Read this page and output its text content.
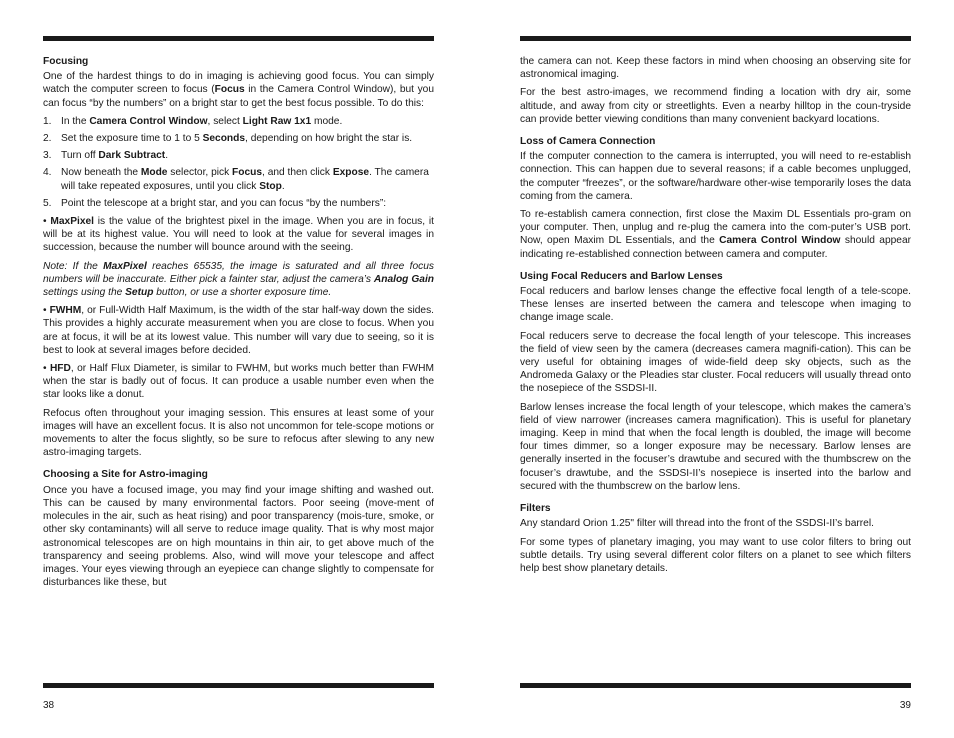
Focusing

One of the hardest things to do in imaging is achieving good focus. You can simply watch the computer screen to focus (Focus in the Camera Control Window), but you can focus “by the numbers” on a bright star to get the best focus possible. To do this:

1. In the Camera Control Window, select Light Raw 1x1 mode.
2. Set the exposure time to 1 to 5 Seconds, depending on how bright the star is.
3. Turn off Dark Subtract.
4. Now beneath the Mode selector, pick Focus, and then click Expose. The camera will take repeated exposures, until you click Stop.
5. Point the telescope at a bright star, and you can focus “by the numbers”:

• MaxPixel is the value of the brightest pixel in the image. When you are in focus, it will be at its highest value. You will need to look at the value for several images in succession, because the number will bounce around with the seeing.

Note: If the MaxPixel reaches 65535, the image is saturated and all three focus numbers will be inaccurate. Either pick a fainter star, adjust the camera’s Analog Gain settings using the Setup button, or use a shorter exposure time.

• FWHM, or Full-Width Half Maximum, is the width of the star half-way down the sides. This provides a highly accurate measurement when you are close to focus. When you are at focus, it will be at its lowest value. This number will vary due to seeing, so it is best to look at several images before decided.

• HFD, or Half Flux Diameter, is similar to FWHM, but works much better than FWHM when the star is badly out of focus. It can produce a usable number even when the star looks like a donut.

Refocus often throughout your imaging session. This ensures at least some of your images will have an excellent focus. It is also not uncommon for tele-scope motions or movements to alter the focus slightly, so be sure to refocus after slewing to any new astro-imaging targets.

Choosing a Site for Astro-imaging

Once you have a focused image, you may find your image shifting and washed out. This can be caused by many environmental factors. Poor seeing (move-ment of molecules in the air, such as heat rising) and poor transparency (mois-ture, smoke, or other sky contaminants) will all serve to reduce image quality. That is why most major astronomical telescopes are on high mountains in thin air, to get above much of the transparency and seeing problems. Also, wind will move your telescope and affect images. Your eyes viewing through an eyepiece can change slightly to compensate for disturbances like these, but

38

the camera can not. Keep these factors in mind when choosing an observing site for astronomical imaging.

For the best astro-images, we recommend finding a location with dry air, some altitude, and away from city or streetlights. Even a nearby hilltop in the coun-tryside can provide better viewing conditions than many convenient backyard locations.

Loss of Camera Connection

If the computer connection to the camera is interrupted, you will need to re-establish connection. This can happen due to several reasons; if a cable becomes unplugged, the computer “freezes”, or the software/hardware other-wise temporarily loses the data coming from the camera.

To re-establish camera connection, first close the Maxim DL Essentials pro-gram on your computer. Then, unplug and re-plug the camera into the com-puter’s USB port. Now, open Maxim DL Essentials, and the Camera Control Window should appear indicating re-established connection between camera and computer.

Using Focal Reducers and Barlow Lenses

Focal reducers and barlow lenses change the effective focal length of a tele-scope. These lenses are inserted between the camera and telescope when imaging to change image scale.

Focal reducers serve to decrease the focal length of your telescope. This increases the field of view seen by the camera (decreases camera magnifi-cation). This can be very useful for obtaining images of wide-field deep sky objects, such as the Andromeda Galaxy or the Pleadies star cluster. Focal reducers will usually thread onto the nosepiece of the SSDSI-II.

Barlow lenses increase the focal length of your telescope, which makes the camera’s field of view narrower (increases camera magnification). This is useful for planetary imaging. Keep in mind that when the focal length is doubled, the image will become four times dimmer, so a longer exposure may be necessary. Barlow lenses are generally inserted in the focuser’s drawtube and secured with the thumbscrew on the focuser’s drawtube, and the SSDSI-II’s nosepiece is inserted into the barlow and secured with the thumbscrew on the barlow lens.

Filters

Any standard Orion 1.25" filter will thread into the front of the SSDSI-II’s barrel.

For some types of planetary imaging, you may want to use color filters to bring out subtle details. Try using several different color filters on a planet to see which filters help best show planetary details.

39
